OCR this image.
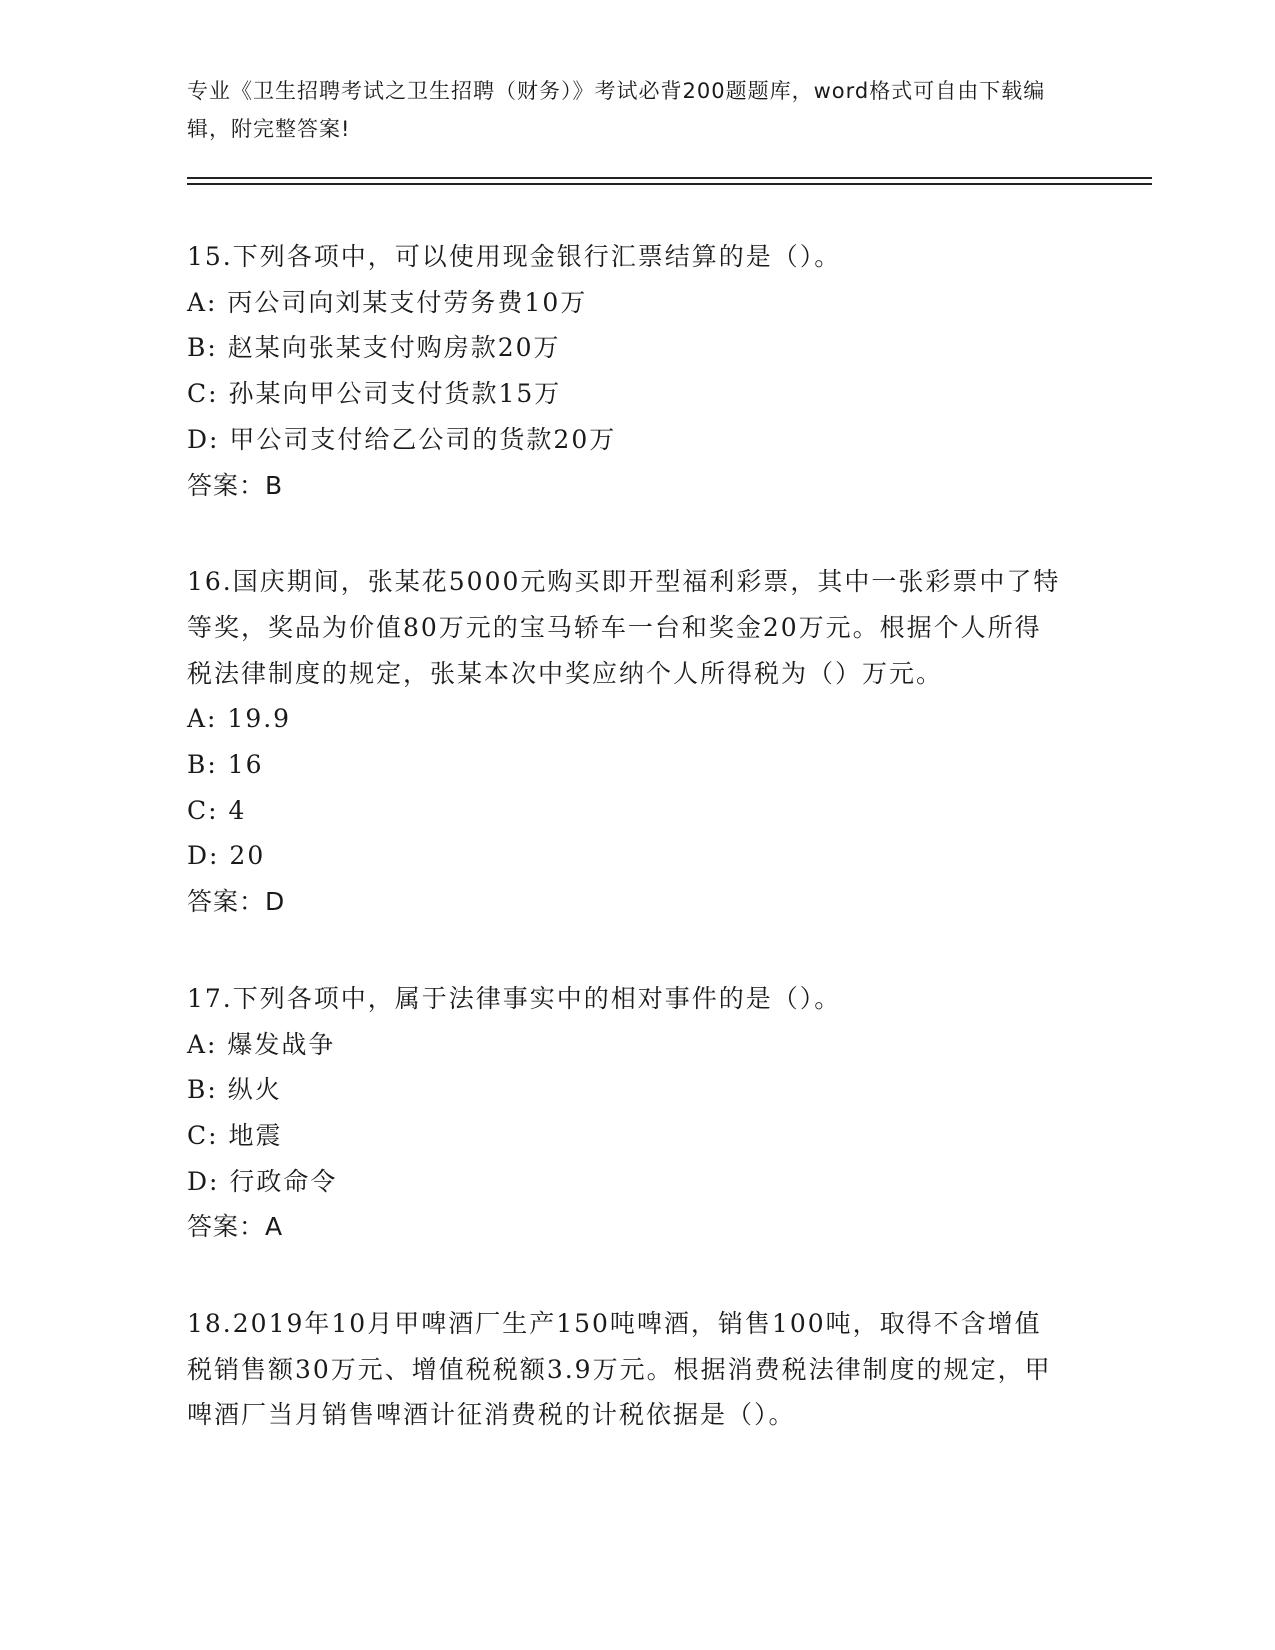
专业《卫生招聘考试之卫生招聘（财务）》考试必背200题题库，word格式可自由下载编辑，附完整答案!
15.下列各项中，可以使用现金银行汇票结算的是（）。
A: 丙公司向刘某支付劳务费10万
B: 赵某向张某支付购房款20万
C: 孙某向甲公司支付货款15万
D: 甲公司支付给乙公司的货款20万
答案：B
16.国庆期间，张某花5000元购买即开型福利彩票，其中一张彩票中了特等奖，奖品为价值80万元的宝马轿车一台和奖金20万元。根据个人所得税法律制度的规定，张某本次中奖应纳个人所得税为（）万元。
A: 19.9
B: 16
C: 4
D: 20
答案：D
17.下列各项中，属于法律事实中的相对事件的是（）。
A: 爆发战争
B: 纵火
C: 地震
D: 行政命令
答案：A
18.2019年10月甲啤酒厂生产150吨啤酒，销售100吨，取得不含增值税销售额30万元、增值税税额3.9万元。根据消费税法律制度的规定，甲啤酒厂当月销售啤酒计征消费税的计税依据是（）。
